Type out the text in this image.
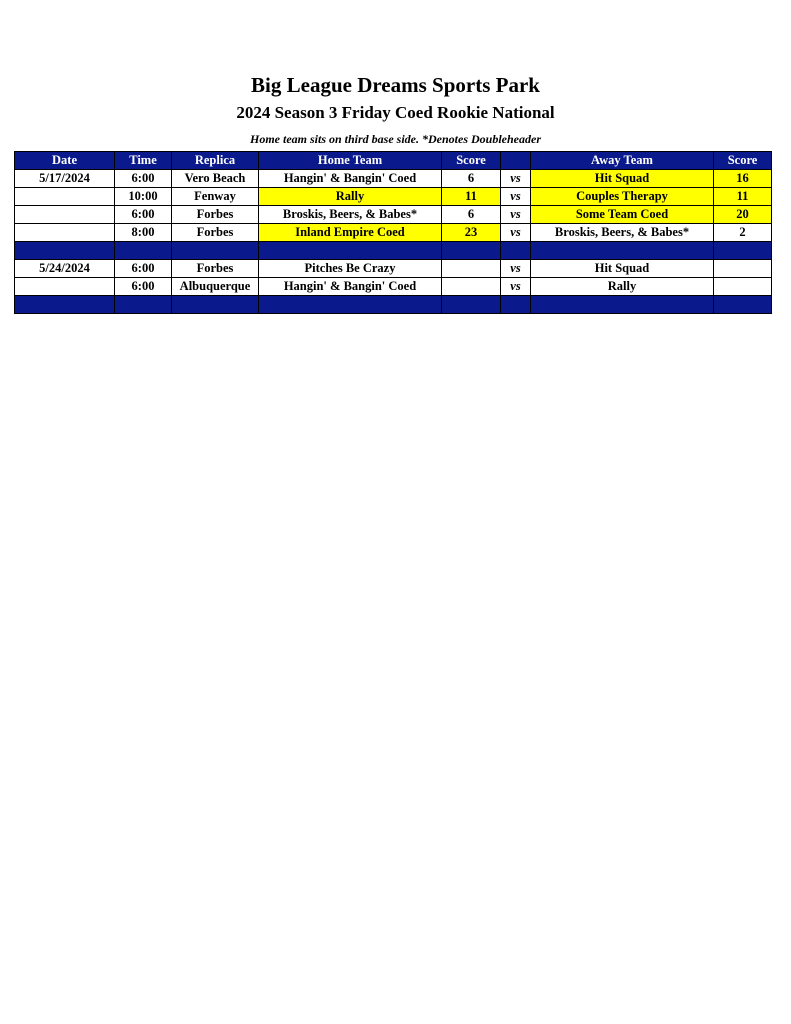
Big League Dreams Sports Park
2024 Season 3 Friday Coed Rookie National
Home team sits on third base side. *Denotes Doubleheader
Date	Time	Replica	Home Team	Score		Away Team	Score
5/17/2024	6:00	Vero Beach	Hangin' & Bangin' Coed	6	vs	Hit Squad	16
	10:00	Fenway	Rally	11	vs	Couples Therapy	11
	6:00	Forbes	Broskis, Beers, & Babes*	6	vs	Some Team Coed	20
	8:00	Forbes	Inland Empire Coed	23	vs	Broskis, Beers, & Babes*	2

5/24/2024	6:00	Forbes	Pitches Be Crazy		vs	Hit Squad	
	6:00	Albuquerque	Hangin' & Bangin' Coed		vs	Rally	
